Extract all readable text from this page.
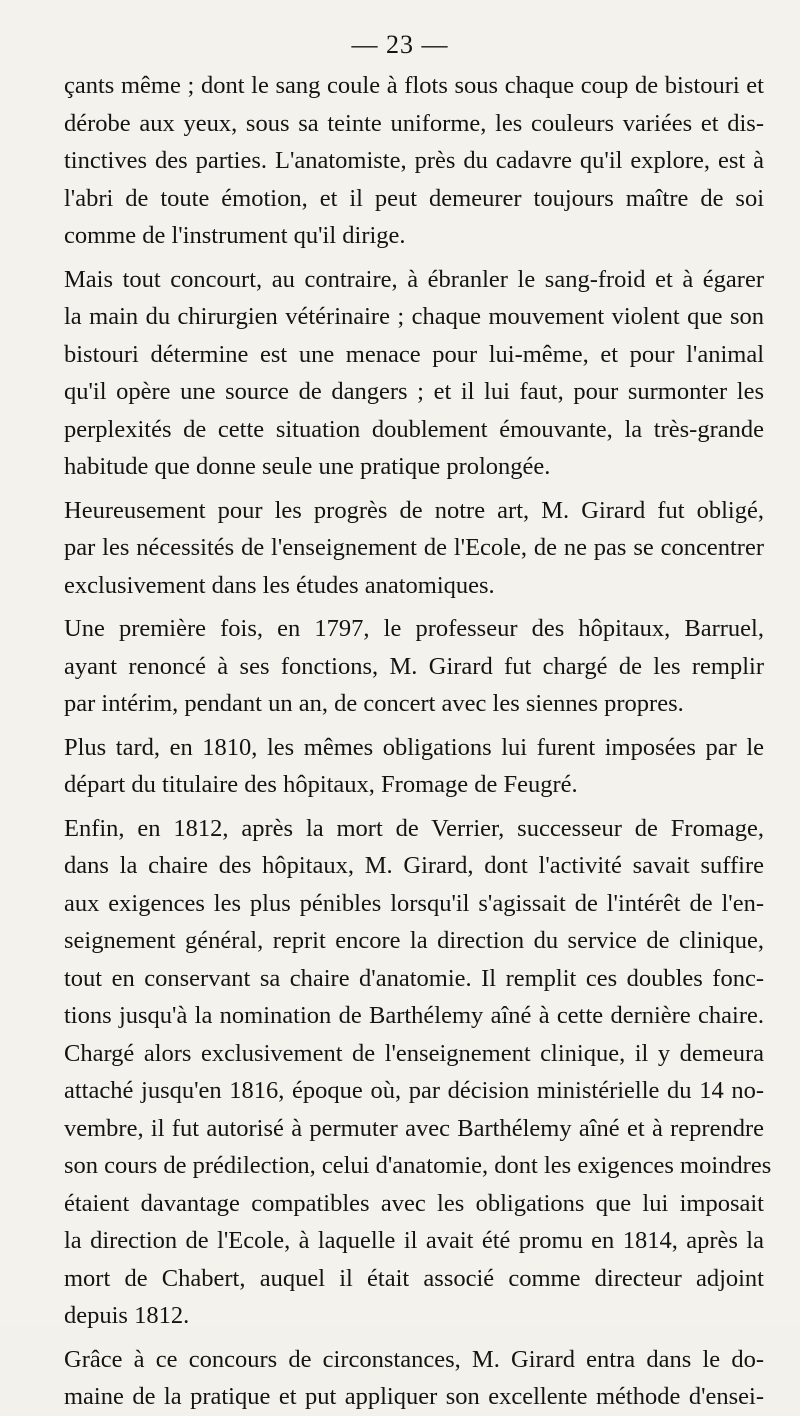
— 23 —
çants même ; dont le sang coule à flots sous chaque coup de bistouri et
dérobe aux yeux, sous sa teinte uniforme, les couleurs variées et dis-
tinctives des parties. L'anatomiste, près du cadavre qu'il explore, est à
l'abri de toute émotion, et il peut demeurer toujours maître de soi
comme de l'instrument qu'il dirige.
Mais tout concourt, au contraire, à ébranler le sang-froid et à égarer
la main du chirurgien vétérinaire ; chaque mouvement violent que son
bistouri détermine est une menace pour lui-même, et pour l'animal
qu'il opère une source de dangers ; et il lui faut, pour surmonter les
perplexités de cette situation doublement émouvante, la très-grande
habitude que donne seule une pratique prolongée.
Heureusement pour les progrès de notre art, M. Girard fut obligé,
par les nécessités de l'enseignement de l'Ecole, de ne pas se concentrer
exclusivement dans les études anatomiques.
Une première fois, en 1797, le professeur des hôpitaux, Barruel,
ayant renoncé à ses fonctions, M. Girard fut chargé de les remplir
par intérim, pendant un an, de concert avec les siennes propres.
Plus tard, en 1810, les mêmes obligations lui furent imposées par le
départ du titulaire des hôpitaux, Fromage de Feugré.
Enfin, en 1812, après la mort de Verrier, successeur de Fromage,
dans la chaire des hôpitaux, M. Girard, dont l'activité savait suffire
aux exigences les plus pénibles lorsqu'il s'agissait de l'intérêt de l'en-
seignement général, reprit encore la direction du service de clinique,
tout en conservant sa chaire d'anatomie. Il remplit ces doubles fonc-
tions jusqu'à la nomination de Barthélemy aîné à cette dernière chaire.
Chargé alors exclusivement de l'enseignement clinique, il y demeura
attaché jusqu'en 1816, époque où, par décision ministérielle du 14 no-
vembre, il fut autorisé à permuter avec Barthélemy aîné et à reprendre
son cours de prédilection, celui d'anatomie, dont les exigences moindres
étaient davantage compatibles avec les obligations que lui imposait
la direction de l'Ecole, à laquelle il avait été promu en 1814, après la
mort de Chabert, auquel il était associé comme directeur adjoint
depuis 1812.
Grâce à ce concours de circonstances, M. Girard entra dans le do-
maine de la pratique et put appliquer son excellente méthode d'ensei-
